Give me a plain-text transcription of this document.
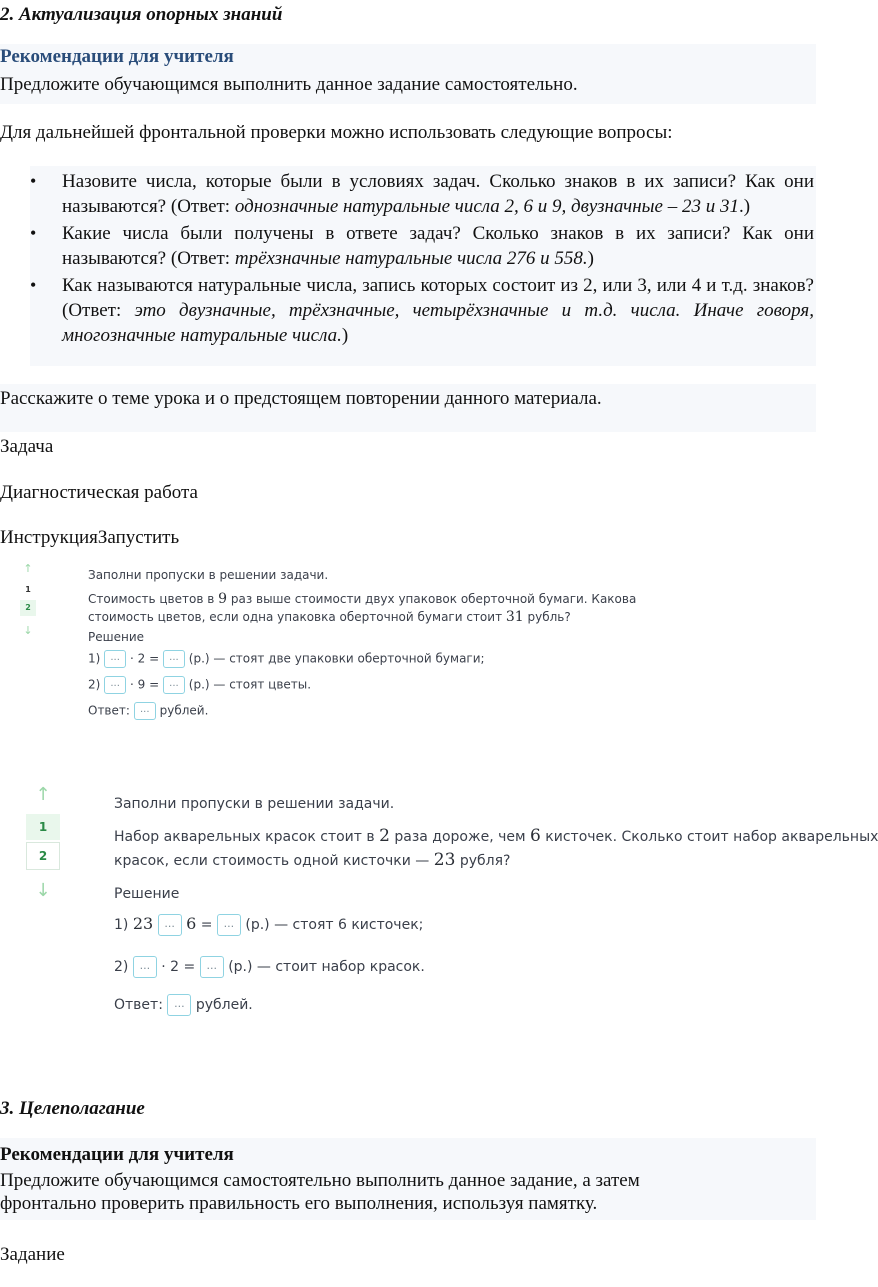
2. Актуализация опорных знаний
Рекомендации для учителя
Предложите обучающимся выполнить данное задание самостоятельно.
Для дальнейшей фронтальной проверки можно использовать следующие вопросы:
• Назовите числа, которые были в условиях задач. Сколько знаков в их записи? Как они называются? (Ответ: однозначные натуральные числа 2, 6 и 9, двузначные – 23 и 31.)
• Какие числа были получены в ответе задач? Сколько знаков в их записи? Как они называются? (Ответ: трёхзначные натуральные числа 276 и 558.)
• Как называются натуральные числа, запись которых состоит из 2, или 3, или 4 и т.д. знаков? (Ответ: это двузначные, трёхзначные, четырёхзначные и т.д. числа. Иначе говоря, многозначные натуральные числа.)
Расскажите о теме урока и о предстоящем повторении данного материала.
Задача
Диагностическая работа
ИнструкцияЗапустить
↑
1
2
↓
Заполни пропуски в решении задачи.
Стоимость цветов в 9 раз выше стоимости двух упаковок оберточной бумаги. Какова
стоимость цветов, если одна упаковка оберточной бумаги стоит 31 рубль?
Решение
1) ... · 2 = ... (р.) — стоят две упаковки оберточной бумаги;
2) ... · 9 = ... (р.) — стоят цветы.
Ответ: ... рублей.
↑
1
2
↓
Заполни пропуски в решении задачи.
Набор акварельных красок стоит в 2 раза дороже, чем 6 кисточек. Сколько стоит набор акварельных
красок, если стоимость одной кисточки — 23 рубля?
Решение
1) 23 ... 6 = ... (р.) — стоят 6 кисточек;
2) ... · 2 = ... (р.) — стоит набор красок.
Ответ: ... рублей.
3. Целеполагание
Рекомендации для учителя
Предложите обучающимся самостоятельно выполнить данное задание, а затем
фронтально проверить правильность его выполнения, используя памятку.
Задание
